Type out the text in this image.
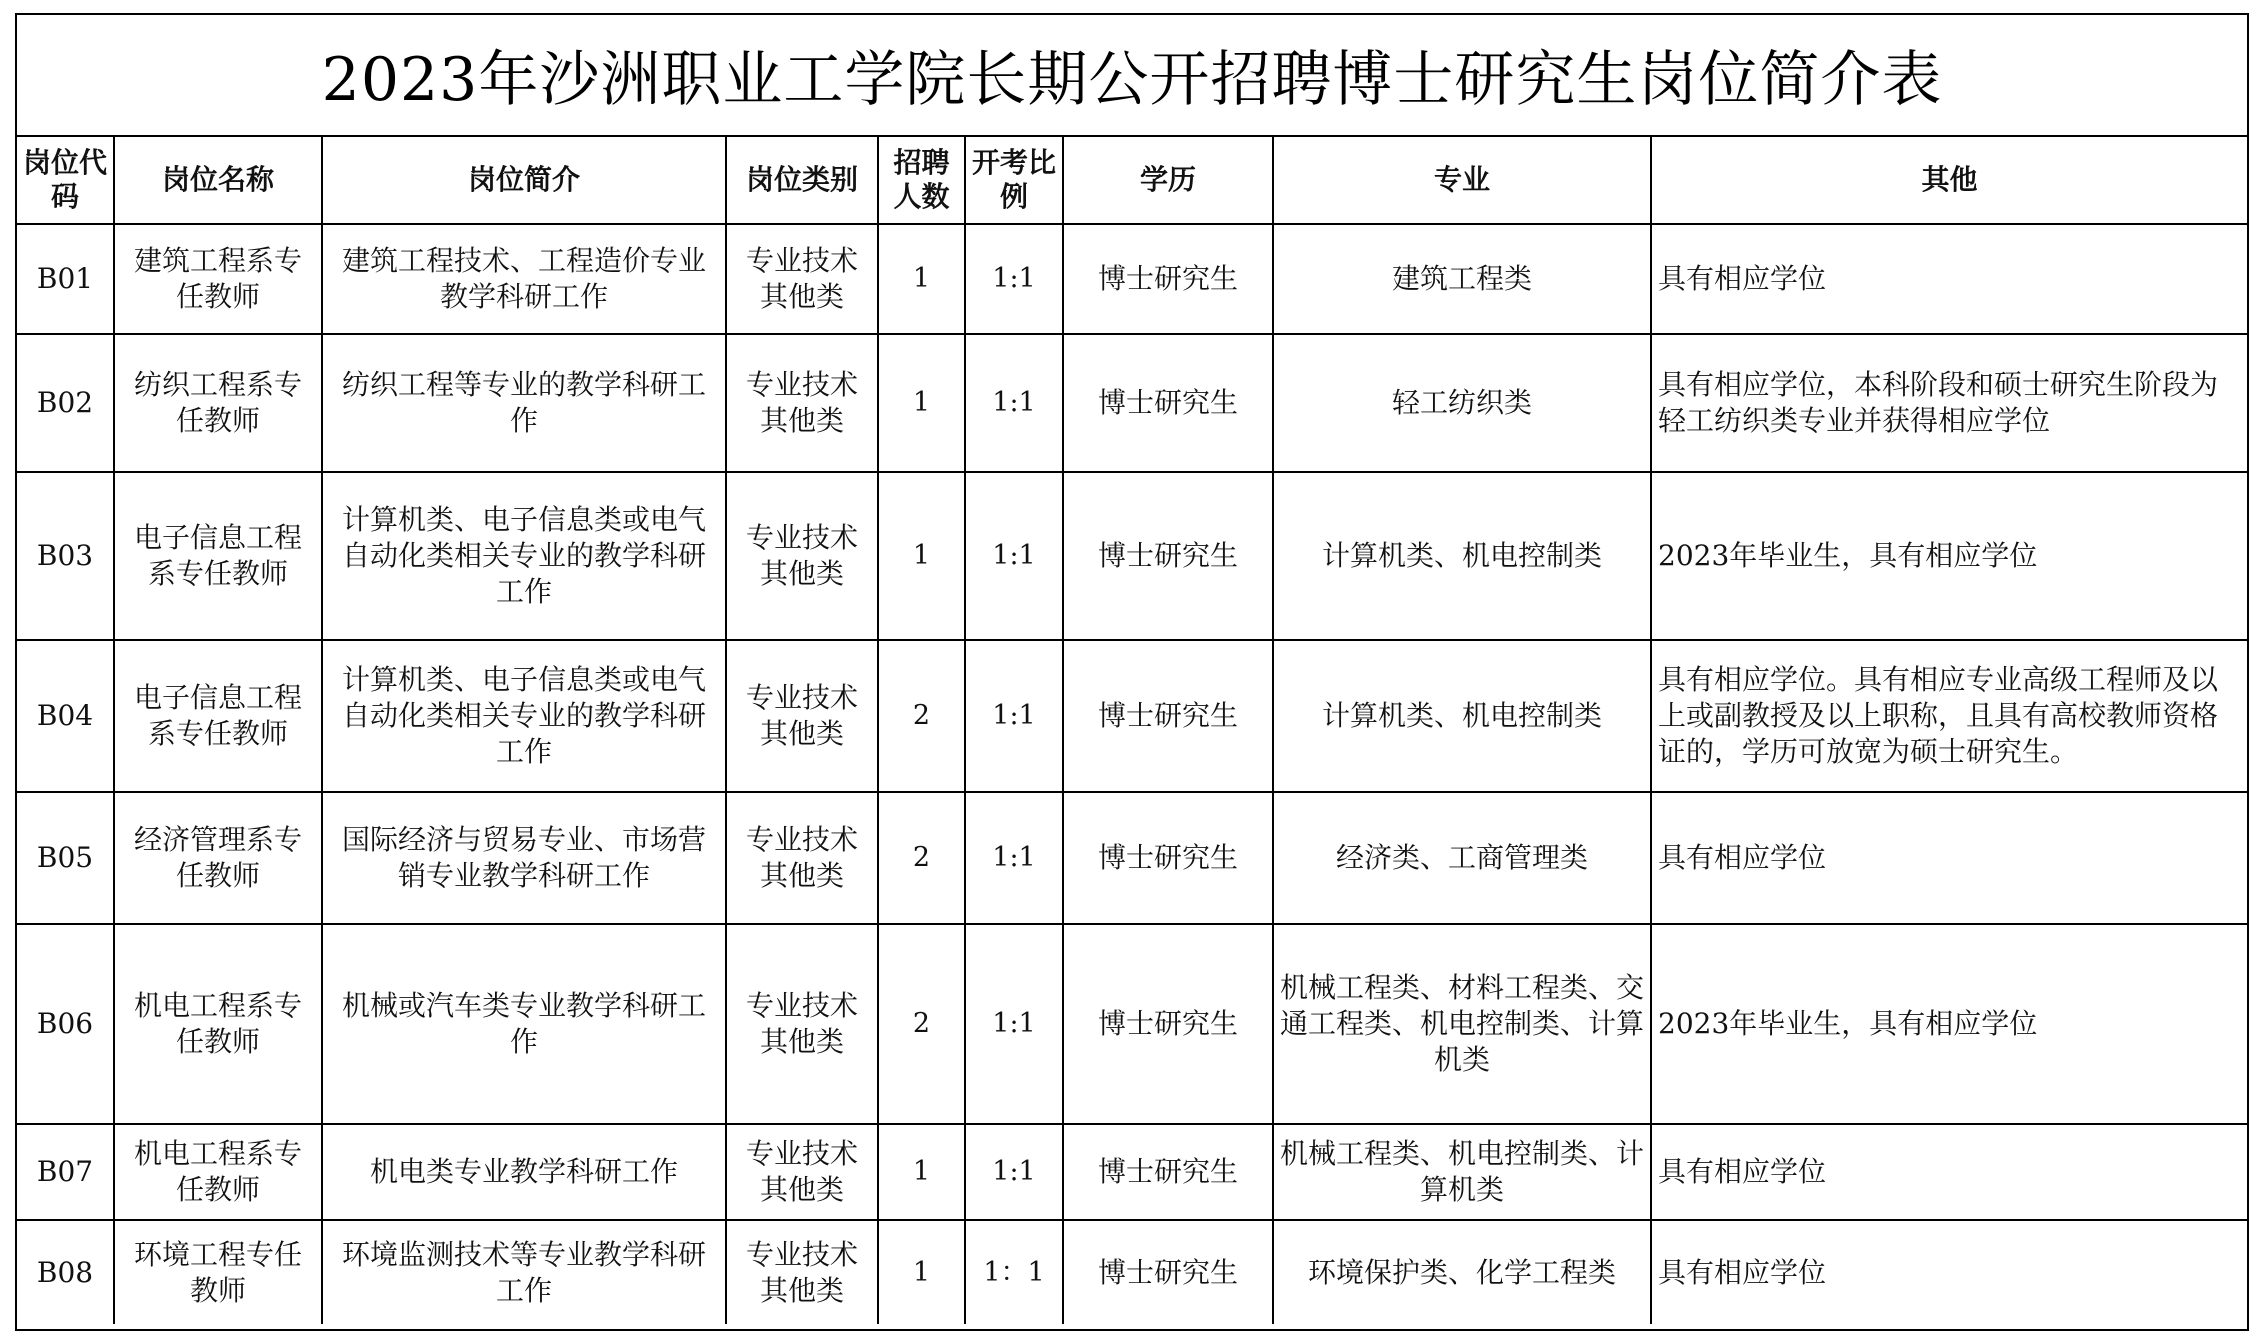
2023年沙洲职业工学院长期公开招聘博士研究生岗位简介表
岗位代码	岗位名称	岗位简介	岗位类别	招聘人数	开考比例	学历	专业	其他
B01	建筑工程系专任教师	建筑工程技术、工程造价专业教学科研工作	专业技术其他类	1	1:1	博士研究生	建筑工程类	具有相应学位
B02	纺织工程系专任教师	纺织工程等专业的教学科研工作	专业技术其他类	1	1:1	博士研究生	轻工纺织类	具有相应学位，本科阶段和硕士研究生阶段为轻工纺织类专业并获得相应学位
B03	电子信息工程系专任教师	计算机类、电子信息类或电气自动化类相关专业的教学科研工作	专业技术其他类	1	1:1	博士研究生	计算机类、机电控制类	2023年毕业生，具有相应学位
B04	电子信息工程系专任教师	计算机类、电子信息类或电气自动化类相关专业的教学科研工作	专业技术其他类	2	1:1	博士研究生	计算机类、机电控制类	具有相应学位。具有相应专业高级工程师及以上或副教授及以上职称，且具有高校教师资格证的，学历可放宽为硕士研究生。
B05	经济管理系专任教师	国际经济与贸易专业、市场营销专业教学科研工作	专业技术其他类	2	1:1	博士研究生	经济类、工商管理类	具有相应学位
B06	机电工程系专任教师	机械或汽车类专业教学科研工作	专业技术其他类	2	1:1	博士研究生	机械工程类、材料工程类、交通工程类、机电控制类、计算机类	2023年毕业生，具有相应学位
B07	机电工程系专任教师	机电类专业教学科研工作	专业技术其他类	1	1:1	博士研究生	机械工程类、机电控制类、计算机类	具有相应学位
B08	环境工程专任教师	环境监测技术等专业教学科研工作	专业技术其他类	1	1：1	博士研究生	环境保护类、化学工程类	具有相应学位
